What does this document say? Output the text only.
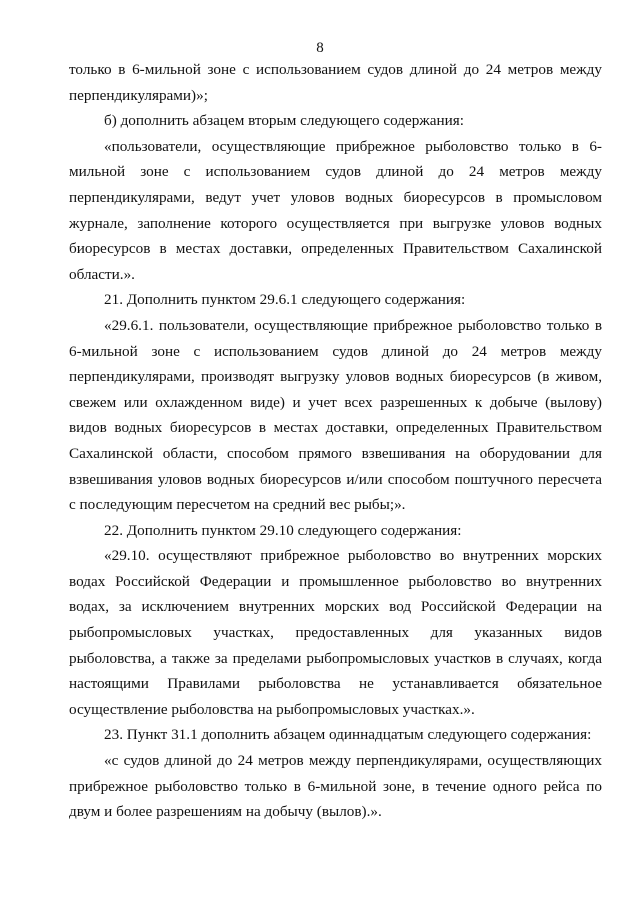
8

только в 6-мильной зоне с использованием судов длиной до 24 метров между перпендикулярами)»;

б) дополнить абзацем вторым следующего содержания:

«пользователи, осуществляющие прибрежное рыболовство только в 6-мильной зоне с использованием судов длиной до 24 метров между перпендикулярами, ведут учет уловов водных биоресурсов в промысловом журнале, заполнение которого осуществляется при выгрузке уловов водных биоресурсов в местах доставки, определенных Правительством Сахалинской области.».

21. Дополнить пунктом 29.6.1 следующего содержания:

«29.6.1. пользователи, осуществляющие прибрежное рыболовство только в 6-мильной зоне с использованием судов длиной до 24 метров между перпендикулярами, производят выгрузку уловов водных биоресурсов (в живом, свежем или охлажденном виде) и учет всех разрешенных к добыче (вылову) видов водных биоресурсов в местах доставки, определенных Правительством Сахалинской области, способом прямого взвешивания на оборудовании для взвешивания уловов водных биоресурсов и/или способом поштучного пересчета с последующим пересчетом на средний вес рыбы;».

22. Дополнить пунктом 29.10 следующего содержания:

«29.10. осуществляют прибрежное рыболовство во внутренних морских водах Российской Федерации и промышленное рыболовство во внутренних водах, за исключением внутренних морских вод Российской Федерации на рыбопромысловых участках, предоставленных для указанных видов рыболовства, а также за пределами рыбопромысловых участков в случаях, когда настоящими Правилами рыболовства не устанавливается обязательное осуществление рыболовства на рыбопромысловых участках.».

23. Пункт 31.1 дополнить абзацем одиннадцатым следующего содержания:

«с судов длиной до 24 метров между перпендикулярами, осуществляющих прибрежное рыболовство только в 6-мильной зоне, в течение одного рейса по двум и более разрешениям на добычу (вылов).».
